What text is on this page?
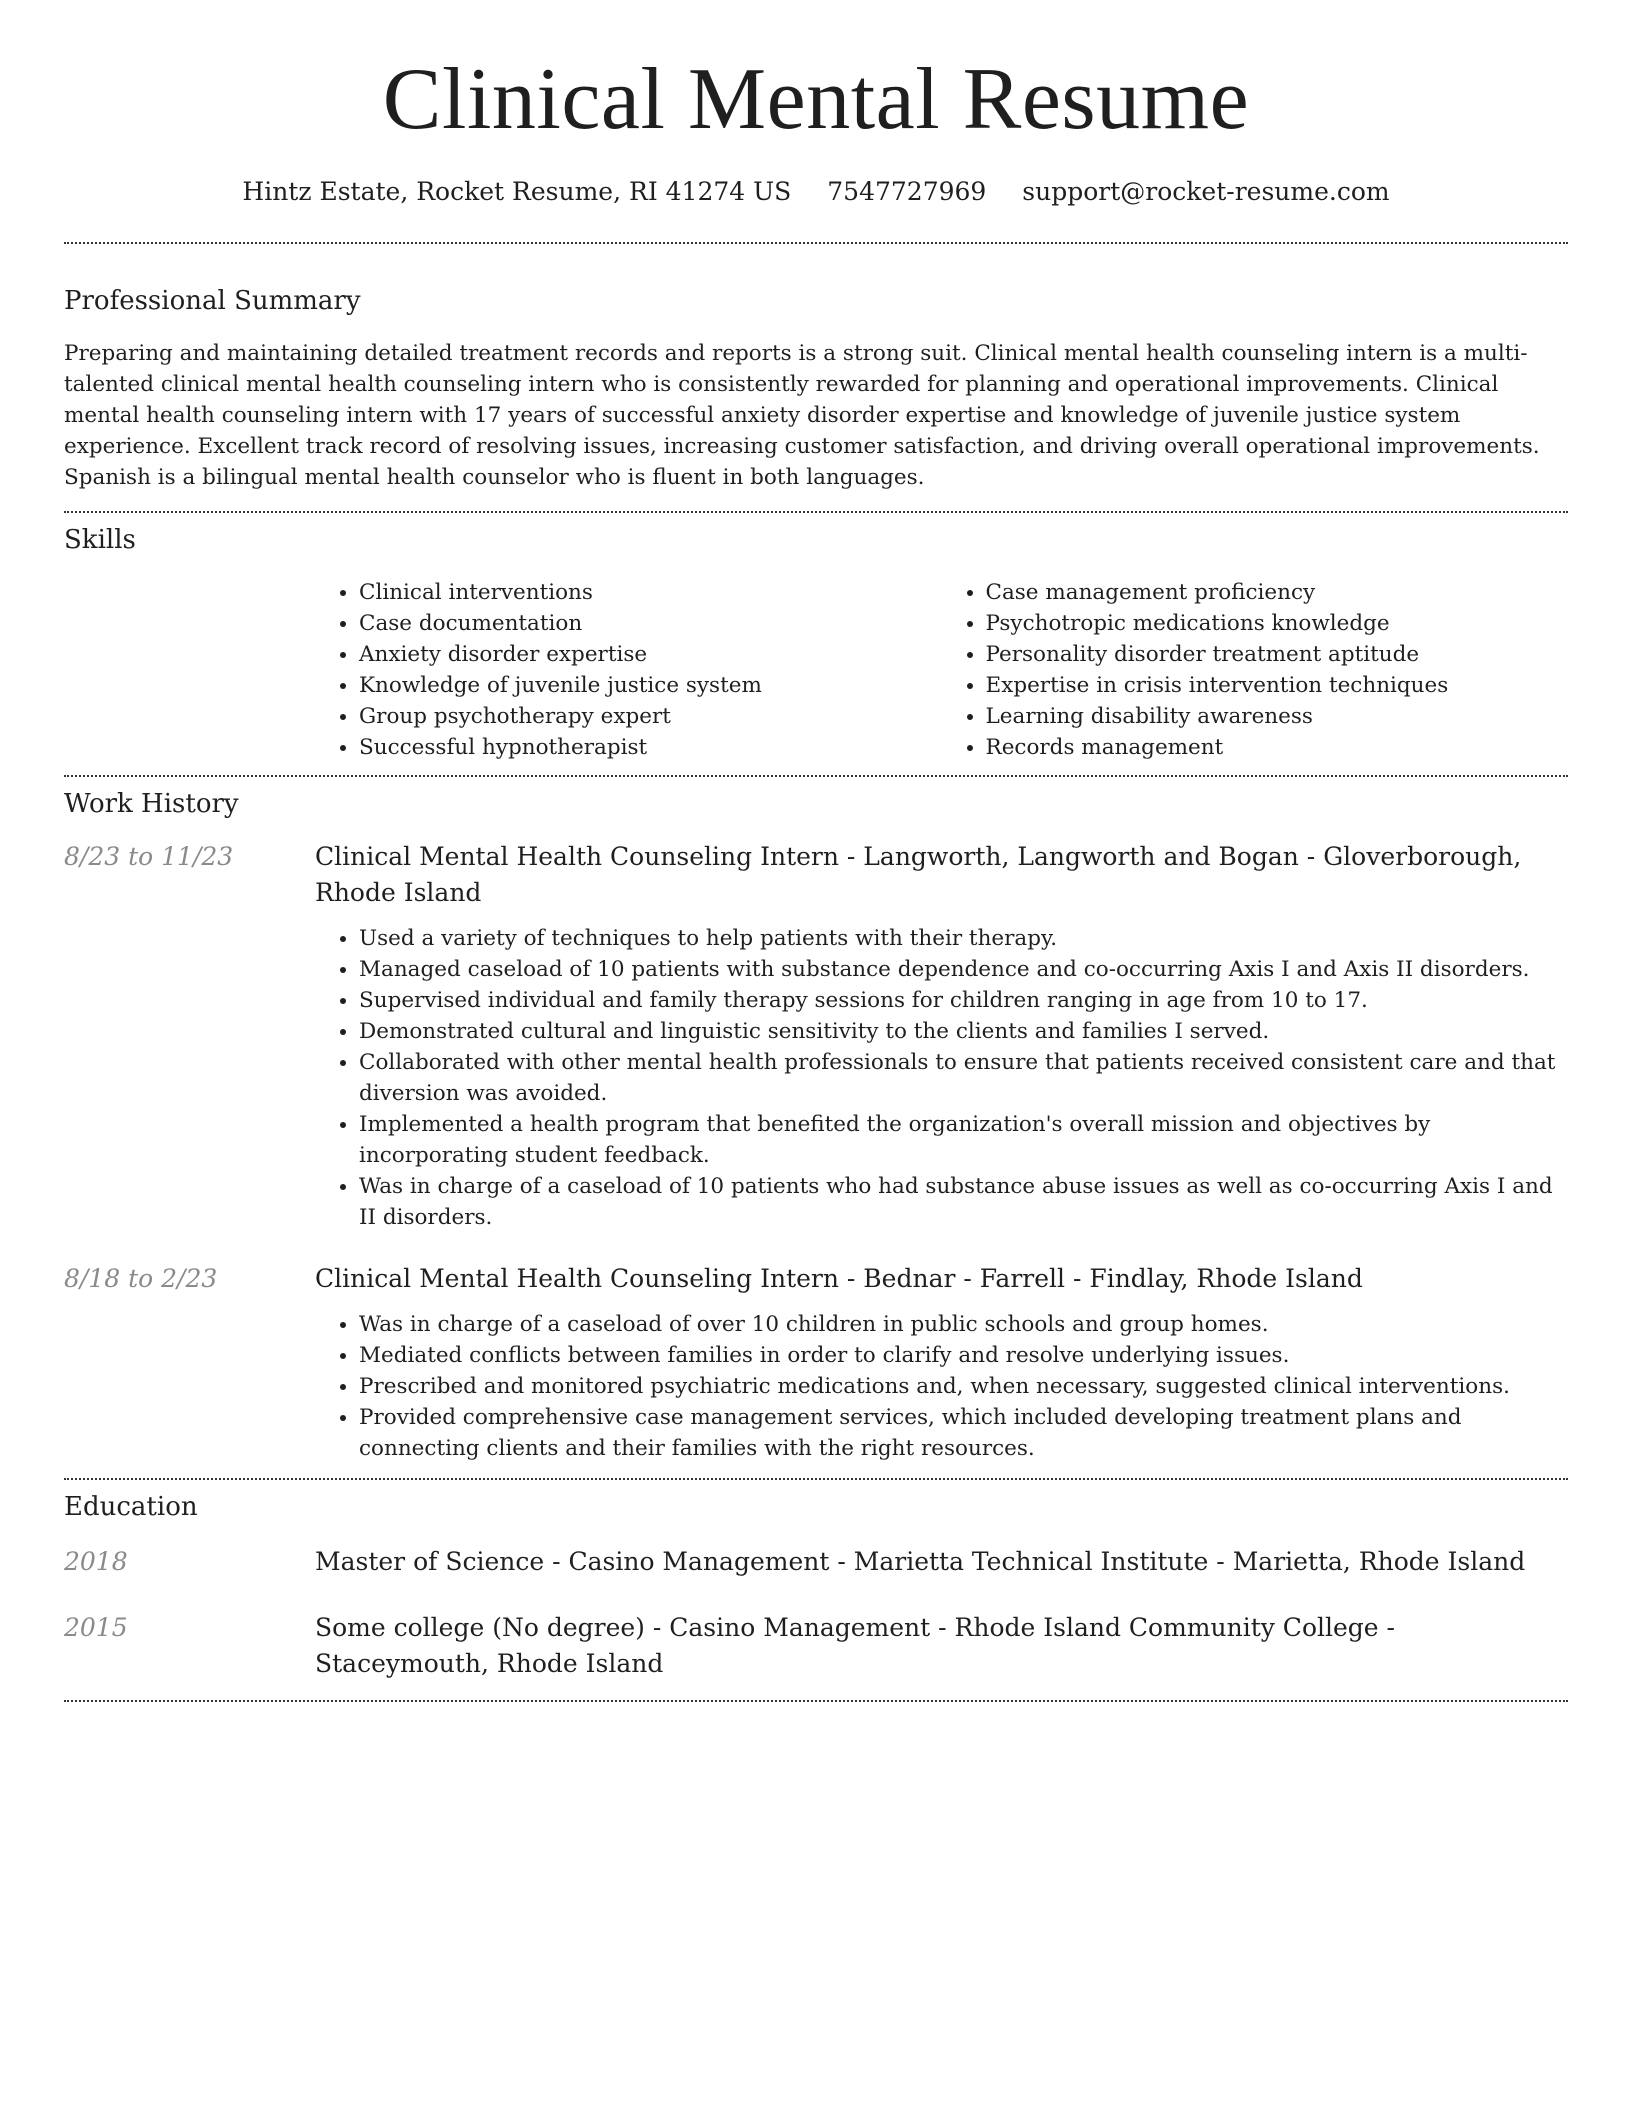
Clinical Mental Resume
Hintz Estate, Rocket Resume, RI 41274 US 7547727969 support@rocket-resume.com
Professional Summary

Preparing and maintaining detailed treatment records and reports is a strong suit. Clinical mental health counseling intern is a multi-talented clinical mental health counseling intern who is consistently rewarded for planning and operational improvements. Clinical mental health counseling intern with 17 years of successful anxiety disorder expertise and knowledge of juvenile justice system experience. Excellent track record of resolving issues, increasing customer satisfaction, and driving overall operational improvements. Spanish is a bilingual mental health counselor who is fluent in both languages.

Skills
• Clinical interventions
• Case documentation
• Anxiety disorder expertise
• Knowledge of juvenile justice system
• Group psychotherapy expert
• Successful hypnotherapist
• Case management proficiency
• Psychotropic medications knowledge
• Personality disorder treatment aptitude
• Expertise in crisis intervention techniques
• Learning disability awareness
• Records management
Work History
8/23 to 11/23	Clinical Mental Health Counseling Intern - Langworth, Langworth and Bogan - Gloverborough, Rhode Island

• Used a variety of techniques to help patients with their therapy.
• Managed caseload of 10 patients with substance dependence and co-occurring Axis I and Axis II disorders.
• Supervised individual and family therapy sessions for children ranging in age from 10 to 17.
• Demonstrated cultural and linguistic sensitivity to the clients and families I served.
• Collaborated with other mental health professionals to ensure that patients received consistent care and that diversion was avoided.
• Implemented a health program that benefited the organization's overall mission and objectives by incorporating student feedback.
• Was in charge of a caseload of 10 patients who had substance abuse issues as well as co-occurring Axis I and II disorders.
8/18 to 2/23	Clinical Mental Health Counseling Intern - Bednar - Farrell - Findlay, Rhode Island

• Was in charge of a caseload of over 10 children in public schools and group homes.
• Mediated conflicts between families in order to clarify and resolve underlying issues.
• Prescribed and monitored psychiatric medications and, when necessary, suggested clinical interventions.
• Provided comprehensive case management services, which included developing treatment plans and connecting clients and their families with the right resources.
Education
2018	Master of Science - Casino Management - Marietta Technical Institute - Marietta, Rhode Island

2015	Some college (No degree) - Casino Management - Rhode Island Community College - Staceymouth, Rhode Island
